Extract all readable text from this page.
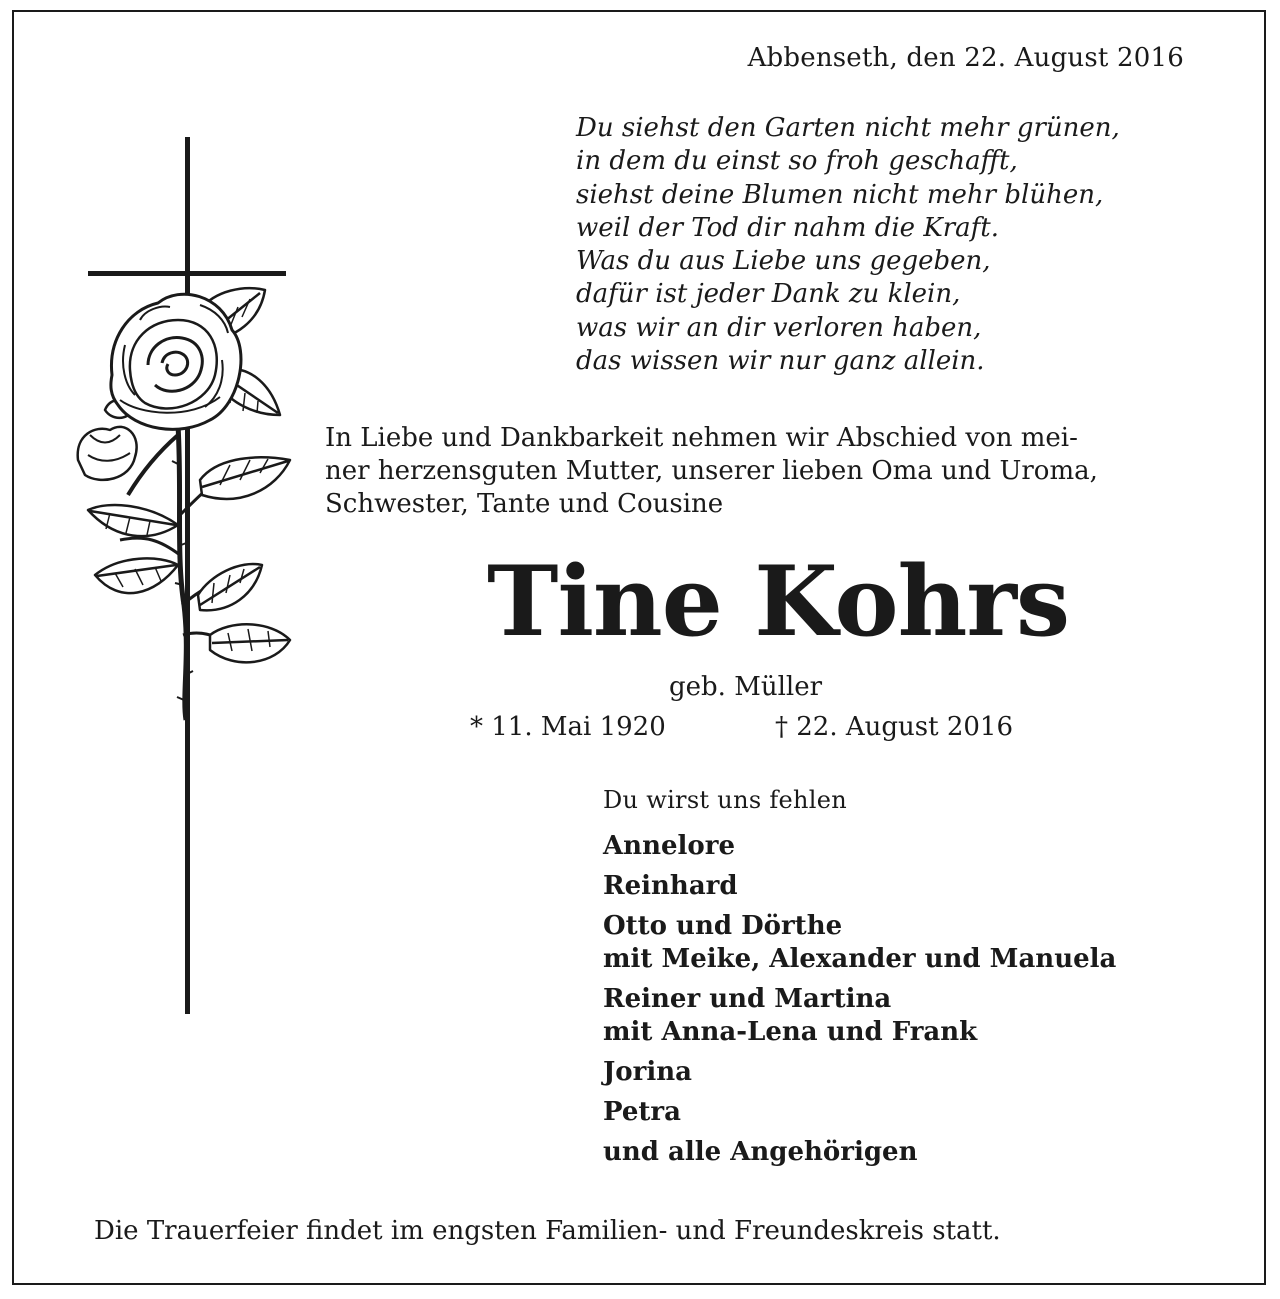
Abbenseth, den 22. August 2016
Du siehst den Garten nicht mehr grünen,
in dem du einst so froh geschafft,
siehst deine Blumen nicht mehr blühen,
weil der Tod dir nahm die Kraft.
Was du aus Liebe uns gegeben,
dafür ist jeder Dank zu klein,
was wir an dir verloren haben,
das wissen wir nur ganz allein.
In Liebe und Dankbarkeit nehmen wir Abschied von mei-
ner herzensguten Mutter, unserer lieben Oma und Uroma,
Schwester, Tante und Cousine
Tine Kohrs
geb. Müller
* 11. Mai 1920	† 22. August 2016
Du wirst uns fehlen
Annelore
Reinhard
Otto und Dörthe
mit Meike, Alexander und Manuela
Reiner und Martina
mit Anna-Lena und Frank
Jorina
Petra
und alle Angehörigen
Die Trauerfeier findet im engsten Familien- und Freundeskreis statt.
